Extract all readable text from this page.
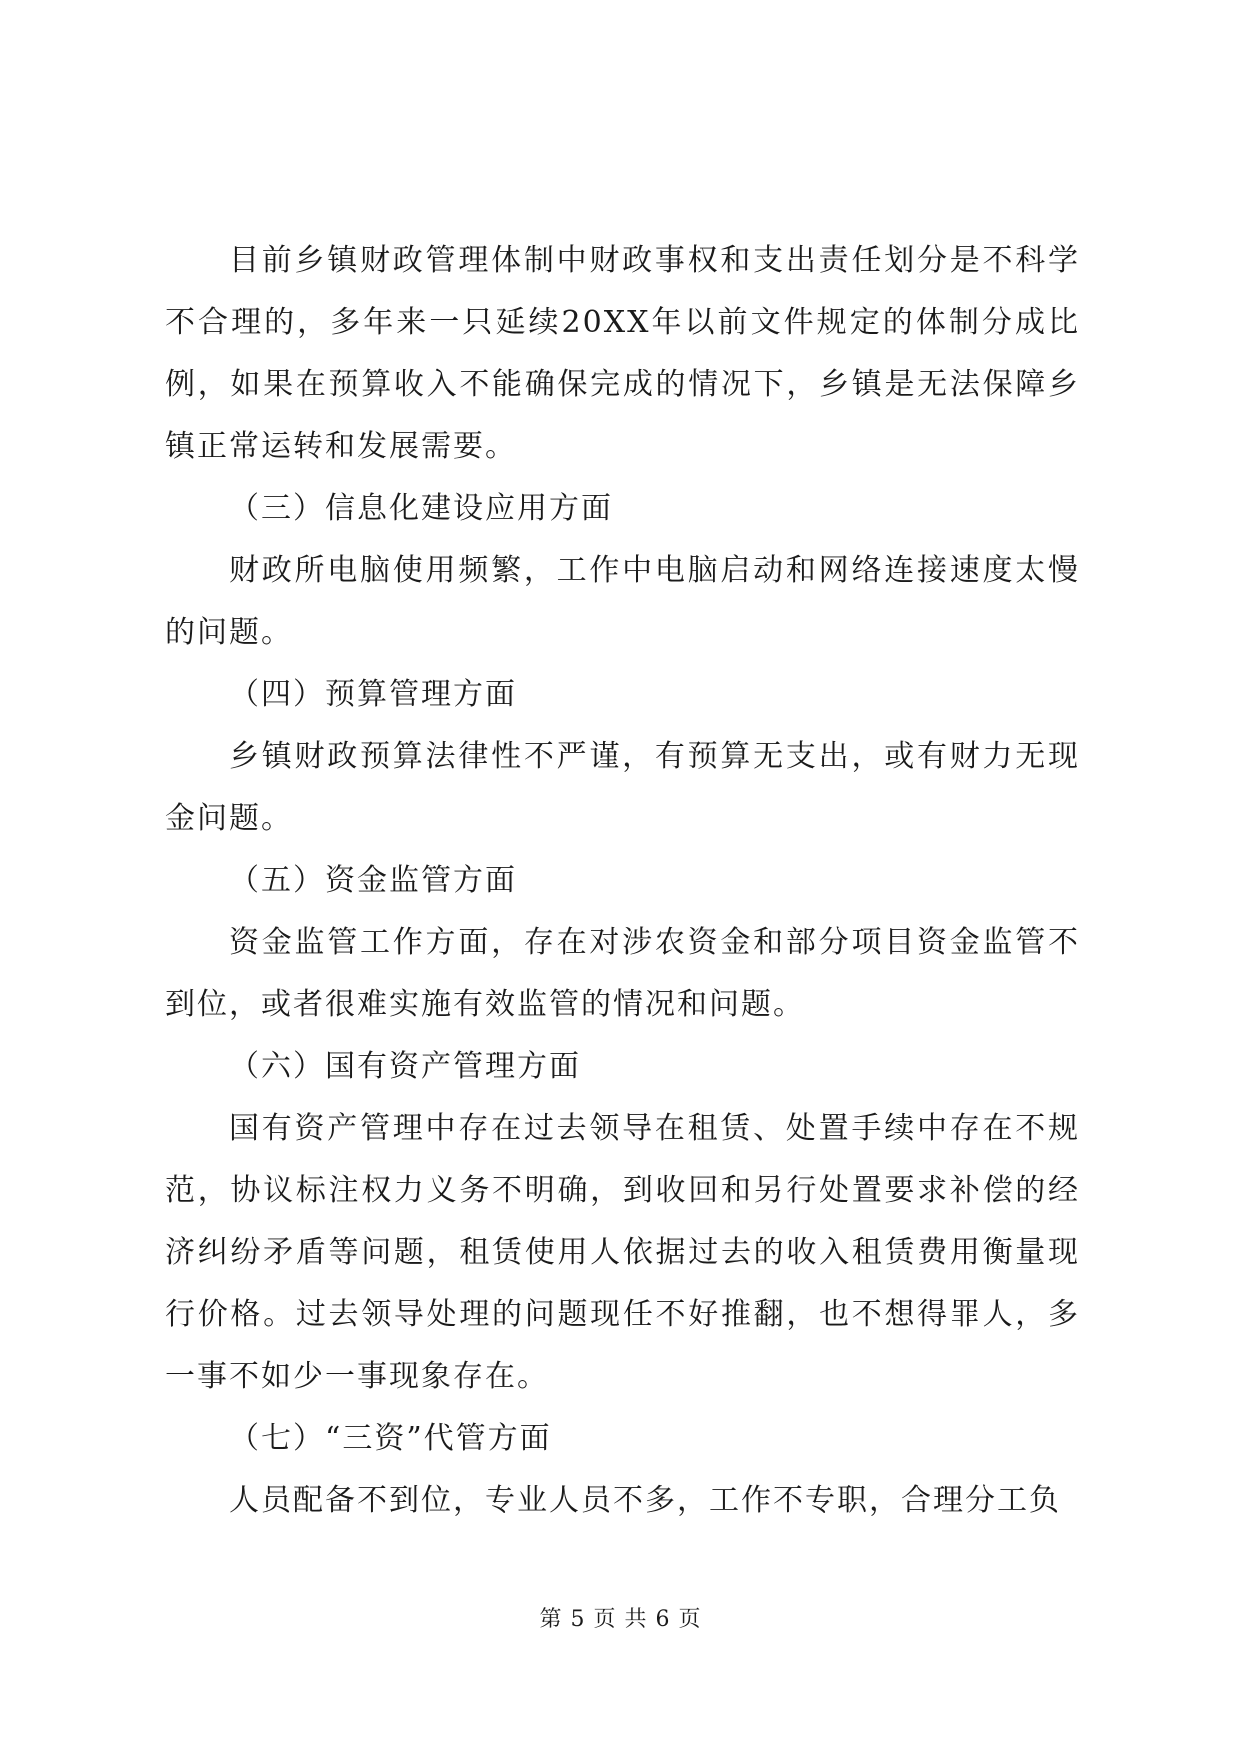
目前乡镇财政管理体制中财政事权和支出责任划分是不科学不合理的，多年来一只延续20XX年以前文件规定的体制分成比例，如果在预算收入不能确保完成的情况下，乡镇是无法保障乡镇正常运转和发展需要。

（三）信息化建设应用方面

财政所电脑使用频繁，工作中电脑启动和网络连接速度太慢的问题。

（四）预算管理方面

乡镇财政预算法律性不严谨，有预算无支出，或有财力无现金问题。

（五）资金监管方面

资金监管工作方面，存在对涉农资金和部分项目资金监管不到位，或者很难实施有效监管的情况和问题。

（六）国有资产管理方面

国有资产管理中存在过去领导在租赁、处置手续中存在不规范，协议标注权力义务不明确，到收回和另行处置要求补偿的经济纠纷矛盾等问题，租赁使用人依据过去的收入租赁费用衡量现行价格。过去领导处理的问题现任不好推翻，也不想得罪人，多一事不如少一事现象存在。

（七）“三资”代管方面

人员配备不到位，专业人员不多，工作不专职，合理分工负

第 5 页 共 6 页
